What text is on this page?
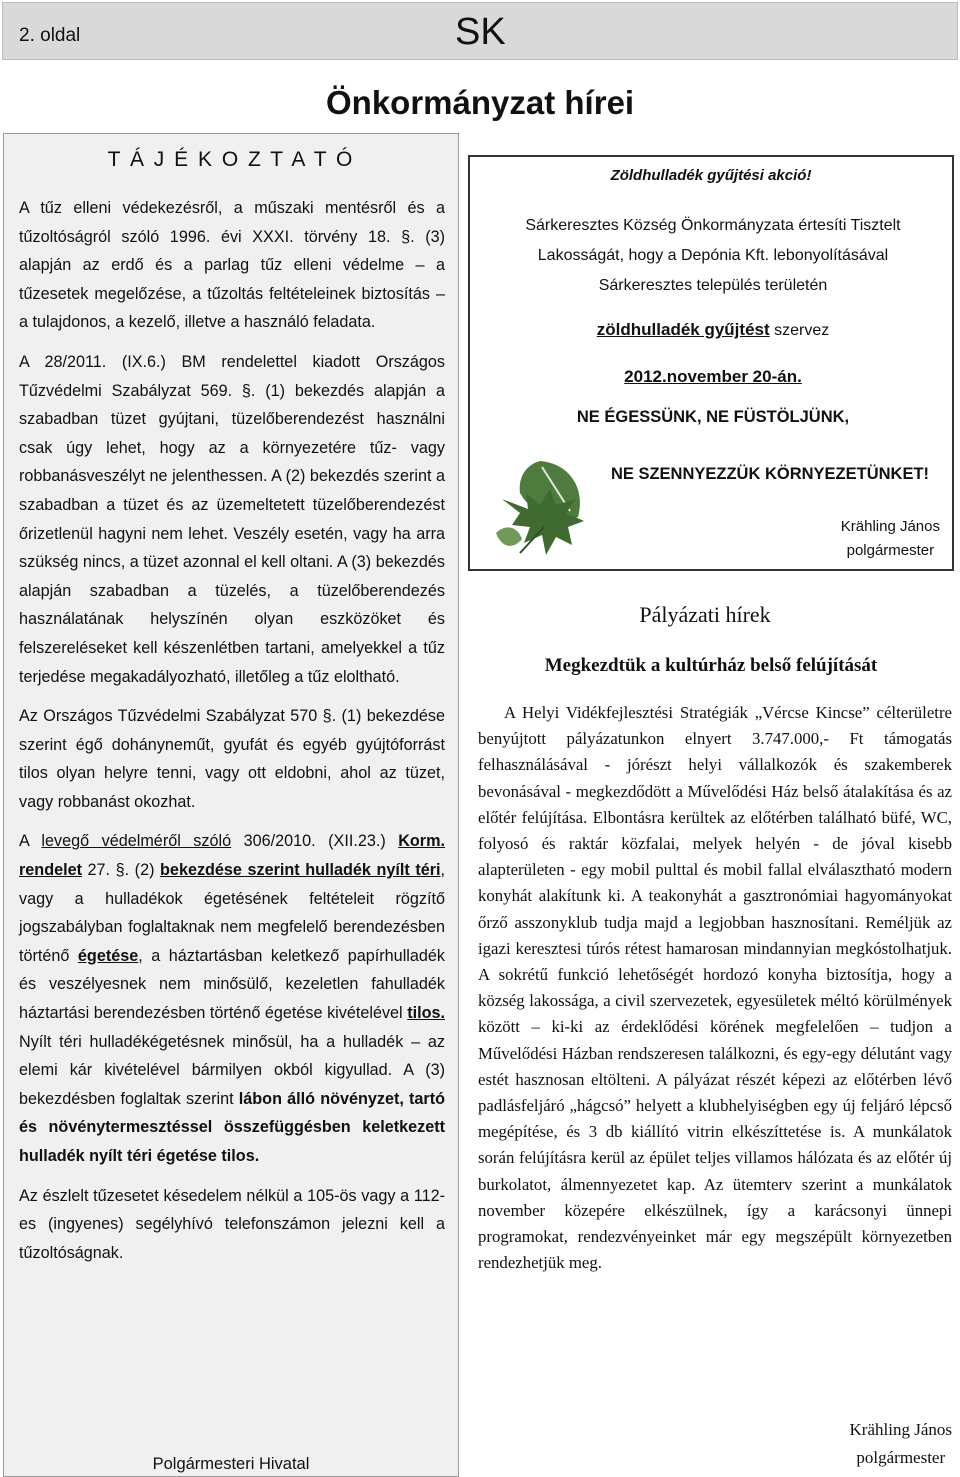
2. oldal	SK
Önkormányzat hírei
T Á J É K O Z T A T Ó

A tűz elleni védekezésről, a műszaki mentésről és a tűzoltóságról szóló 1996. évi XXXI. törvény 18. §. (3) alapján az erdő és a parlag tűz elleni védelme – a tűzesetek megelőzése, a tűzoltás feltételeinek biztosítás – a tulajdonos, a kezelő, illetve a használó feladata.

A 28/2011. (IX.6.) BM rendelettel kiadott Országos Tűzvédelmi Szabályzat 569. §. (1) bekezdés alapján a szabadban tüzet gyújtani, tüzelőberendezést használni csak úgy lehet, hogy az a környezetére tűz- vagy robbanásveszélyt ne jelenthessen. A (2) bekezdés szerint a szabadban a tüzet és az üzemeltetett tüzelőberendezést őrizetlenül hagyni nem lehet. Veszély esetén, vagy ha arra szükség nincs, a tüzet azonnal el kell oltani. A (3) bekezdés alapján szabadban a tüzelés, a tüzelőberendezés használatának helyszínén olyan eszközöket és felszereléseket kell készenlétben tartani, amelyekkel a tűz terjedése megakadályozható, illetőleg a tűz eloltható.

Az Országos Tűzvédelmi Szabályzat 570 §. (1) bekezdése szerint égő dohányneműt, gyufát és egyéb gyújtóforrást tilos olyan helyre tenni, vagy ott eldobni, ahol az tüzet, vagy robbanást okozhat.

A levegő védelméről szóló 306/2010. (XII.23.) Korm. rendelet 27. §. (2) bekezdése szerint hulladék nyílt téri, vagy a hulladékok égetésének feltételeit rögzítő jogszabályban foglaltaknak nem megfelelő berendezésben történő égetése, a háztartásban keletkező papírhulladék és veszélyesnek nem minősülő, kezeletlen fahulladék háztartási berendezésben történő égetése kivételével tilos. Nyílt téri hulladékégetésnek minősül, ha a hulladék – az elemi kár kivételével bármilyen okból kigyullad. A (3) bekezdésben foglaltak szerint lábon álló növényzet, tartó és növénytermesztéssel összefüggésben keletkezett hulladék nyílt téri égetése tilos.

Az észlelt tűzesetet késedelem nélkül a 105-ös vagy a 112-es (ingyenes) segélyhívó telefonszámon jelezni kell a tűzoltóságnak.

Polgármesteri Hivatal
Zöldhulladék gyűjtési akció!
Sárkeresztes Község Önkormányzata értesíti Tisztelt
Lakosságát, hogy a Depónia Kft. lebonyolításával
Sárkeresztes település területén
zöldhulladék gyűjtést szervez
2012.november 20-án.
NE ÉGESSÜNK, NE FÜSTÖLJÜNK,
NE SZENNYEZZÜK KÖRNYEZETÜNKET!
Krähling János
polgármester
Pályázati hírek
Megkezdtük a kultúrház belső felújítását

A Helyi Vidékfejlesztési Stratégiák „Vércse Kincse” célterületre benyújtott pályázatunkon elnyert 3.747.000,- Ft támogatás felhasználásával - jórészt helyi vállalkozók és szakemberek bevonásával - megkezdődött a Művelődési Ház belső átalakítása és az előtér felújítása. Elbontásra kerültek az előtérben található büfé, WC, folyosó és raktár közfalai, melyek helyén - de jóval kisebb alapterületen - egy mobil pulttal és mobil fallal elválasztható modern konyhát alakítunk ki. A teakonyhát a gasztronómiai hagyományokat őrző asszonyklub tudja majd a legjobban hasznosítani. Reméljük az igazi keresztesi túrós rétest hamarosan mindannyian megkóstolhatjuk. A sokrétű funkció lehetőségét hordozó konyha biztosítja, hogy a község lakossága, a civil szervezetek, egyesületek méltó körülmények között – ki-ki az érdeklődési körének megfelelően – tudjon a Művelődési Házban rendszeresen találkozni, és egy-egy délutánt vagy estét hasznosan eltölteni. A pályázat részét képezi az előtérben lévő padlásfeljáró „hágcsó” helyett a klubhelyiségben egy új feljáró lépcső megépítése, és 3 db kiállító vitrin elkészíttetése is. A munkálatok során felújításra kerül az épület teljes villamos hálózata és az előtér új burkolatot, álmennyezetet kap. Az ütemterv szerint a munkálatok november közepére elkészülnek, így a karácsonyi ünnepi programokat, rendezvényeinket már egy megszépült környezetben rendezhetjük meg.

Krähling János
polgármester
